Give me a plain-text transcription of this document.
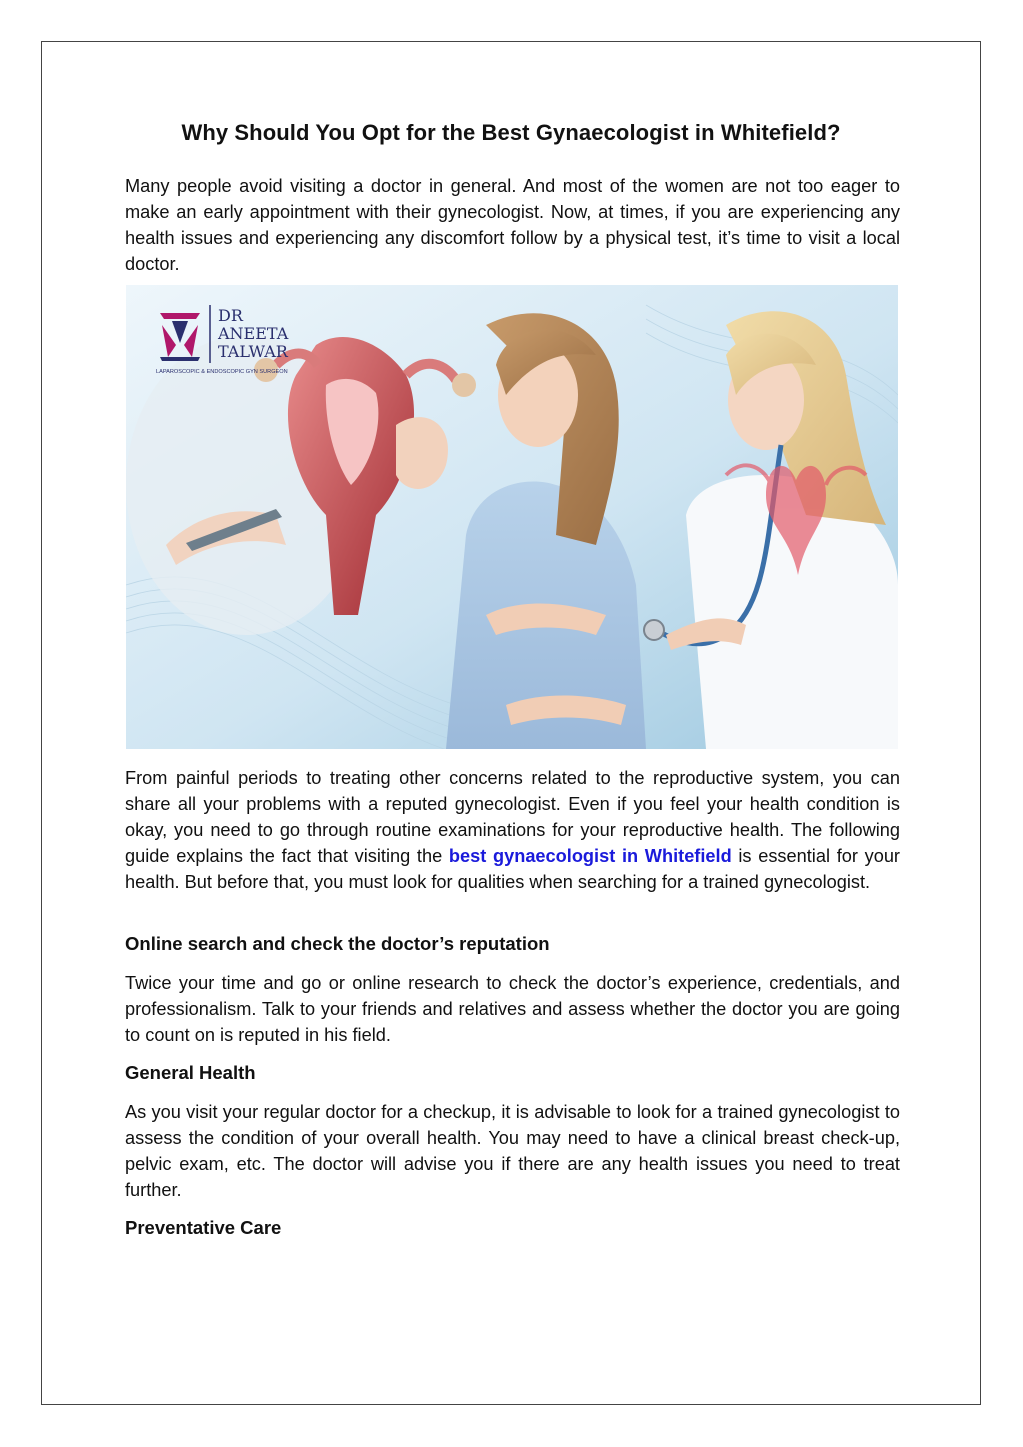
Why Should You Opt for the Best Gynaecologist in Whitefield?

Many people avoid visiting a doctor in general. And most of the women are not too eager to make an early appointment with their gynecologist. Now, at times, if you are experiencing any health issues and experiencing any discomfort follow by a physical test, it’s time to visit a local doctor.

DR
ANEETA
TALWAR
LAPAROSCOPIC & ENDOSCOPIC GYN SURGEON

From painful periods to treating other concerns related to the reproductive system, you can share all your problems with a reputed gynecologist. Even if you feel your health condition is okay, you need to go through routine examinations for your reproductive health. The following guide explains the fact that visiting the best gynaecologist in Whitefield is essential for your health. But before that, you must look for qualities when searching for a trained gynecologist.

Online search and check the doctor’s reputation

Twice your time and go or online research to check the doctor’s experience, credentials, and professionalism. Talk to your friends and relatives and assess whether the doctor you are going to count on is reputed in his field.

General Health

As you visit your regular doctor for a checkup, it is advisable to look for a trained gynecologist to assess the condition of your overall health. You may need to have a clinical breast check-up, pelvic exam, etc. The doctor will advise you if there are any health issues you need to treat further.

Preventative Care
